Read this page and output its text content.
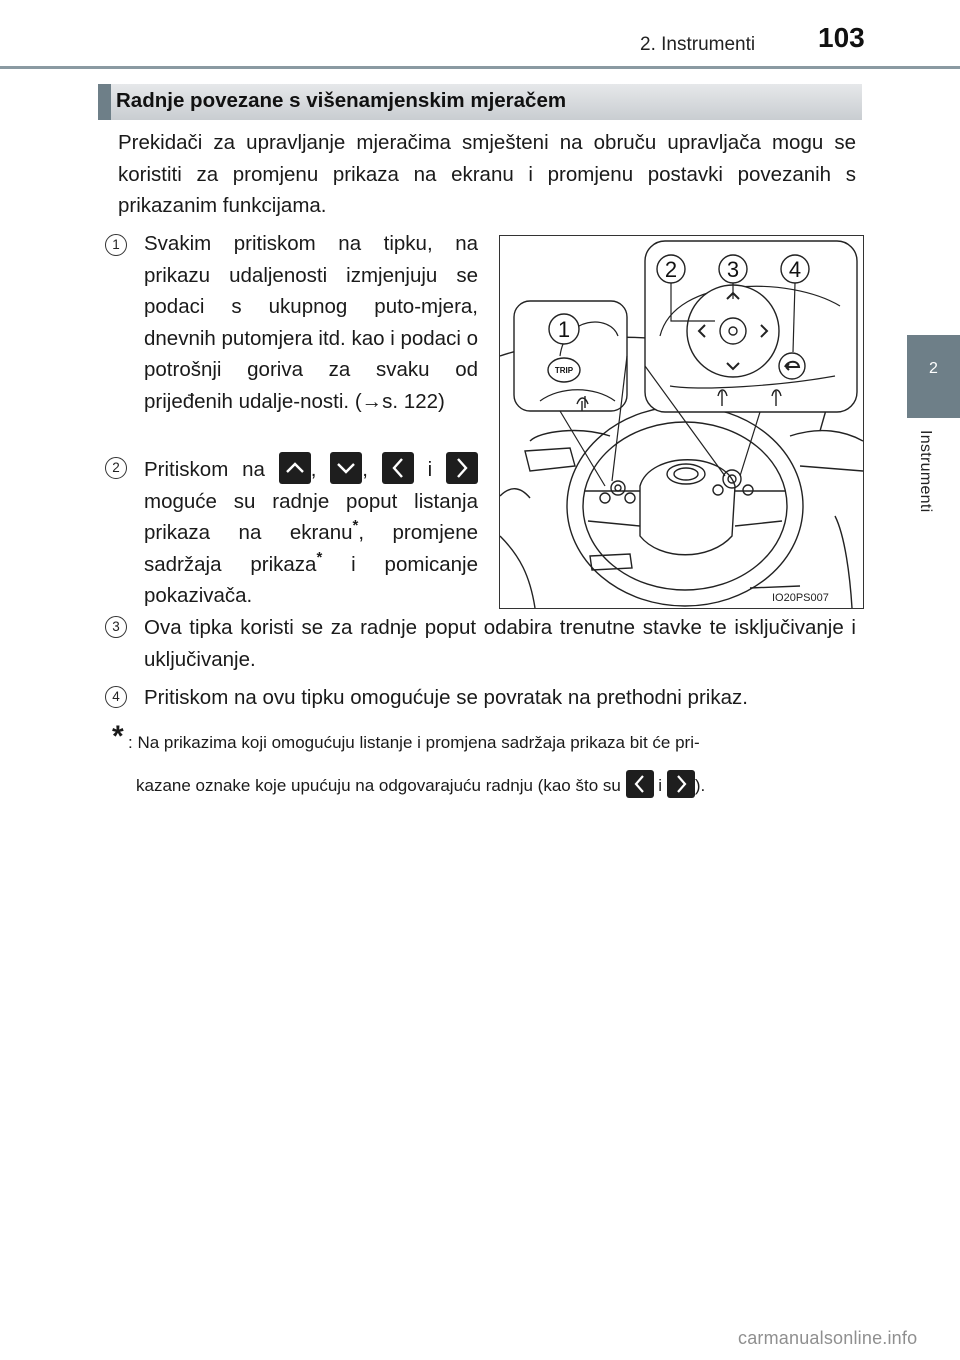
2. Instrumenti 103
2
Instrumenti
Radnje povezane s višenamjenskim mjeračem
Prekidači za upravljanje mjeračima smješteni na obruču upravljača mogu se koristiti za promjenu prikaza na ekranu i promjenu postavki povezanih s prikazanim funkcijama.
1	Svakim pritiskom na tipku, na prikazu udaljenosti izmjenjuju se podaci s ukupnog puto-mjera, dnevnih putomjera itd. kao i podaci o potrošnji goriva za svaku od prijeđenih udalje-nosti. (→s. 122)
2	Pritiskom na , ,	i
moguće su radnje poput listanja prikaza na ekranu*, promjene sadržaja prikaza* i pomicanje pokazivača.
1
2 3 4
TRIP
IO20PS007
3	Ova tipka koristi se za radnje poput odabira trenutne stavke te isključivanje i uključivanje.
4	Pritiskom na ovu tipku omogućuje se povratak na prethodni prikaz.
* : Na prikazima koji omogućuju listanje i promjena sadržaja prikaza bit će pri-
kazane oznake koje upućuju na odgovarajuću radnju (kao što su i ).
carmanualsonline.info
